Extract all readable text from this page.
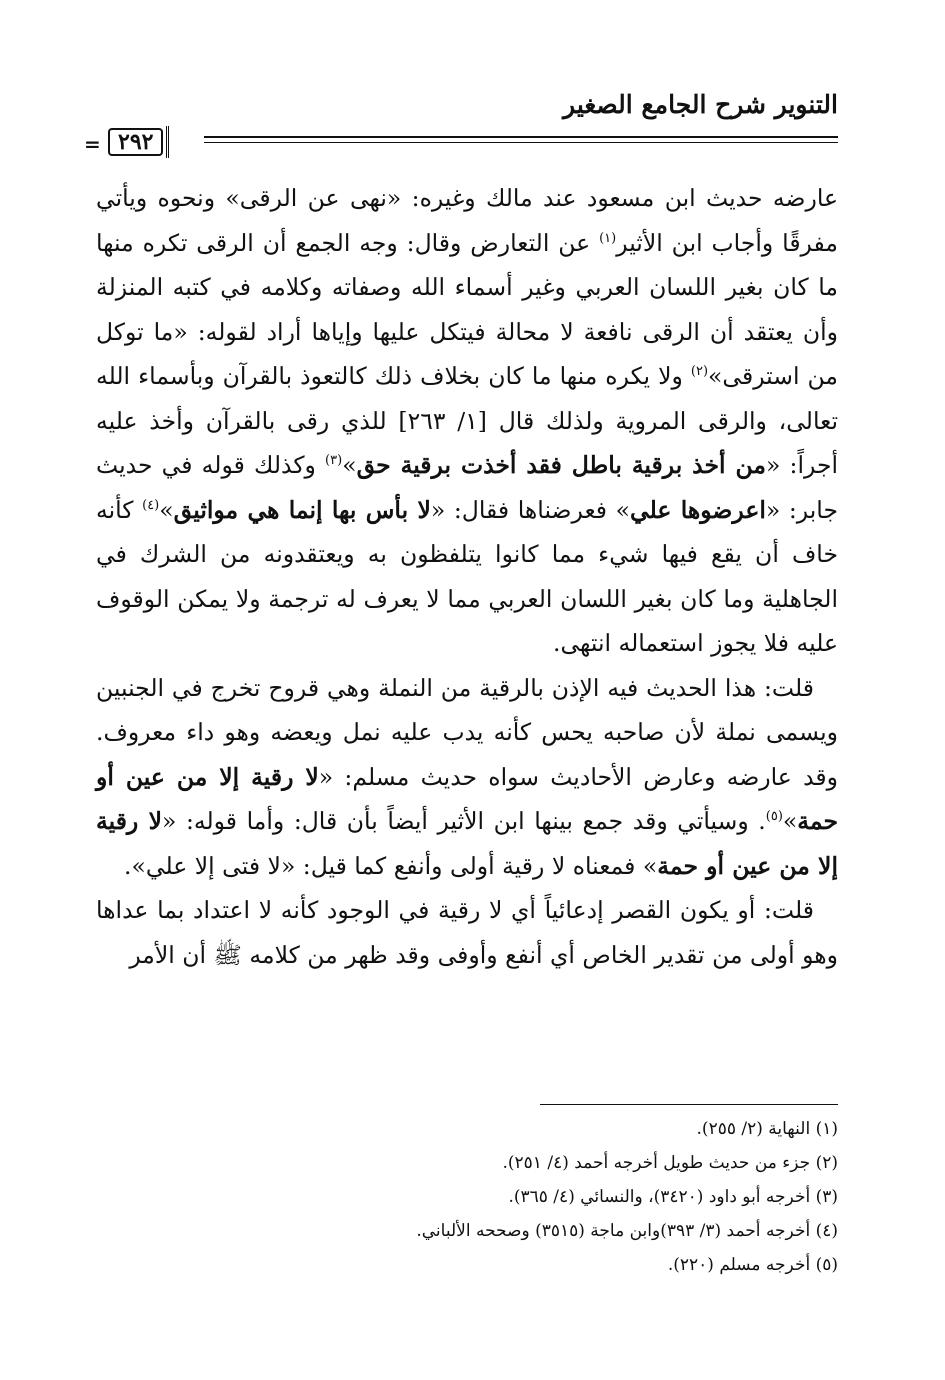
التنوير شرح الجامع الصغير
٢٩٢
=

عارضه حديث ابن مسعود عند مالك وغيره: «نهى عن الرقى» ونحوه ويأتي مفرقًا وأجاب ابن الأثير$^{(١)}$ عن التعارض وقال: وجه الجمع أن الرقى تكره منها ما كان بغير اللسان العربي وغير أسماء الله وصفاته وكلامه في كتبه المنزلة وأن يعتقد أن الرقى نافعة لا محالة فيتكل عليها وإياها أراد لقوله: «ما توكل من استرقى»$^{(٢)}$ ولا يكره منها ما كان بخلاف ذلك كالتعوذ بالقرآن وبأسماء الله تعالى، والرقى المروية ولذلك قال [١/ ٢٦٣] للذي رقى بالقرآن وأخذ عليه أجراً: «من أخذ برقية باطل فقد أخذت برقية حق»$^{(٣)}$ وكذلك قوله في حديث جابر: «اعرضوها علي» فعرضناها فقال: «لا بأس بها إنما هي مواثيق»$^{(٤)}$ كأنه خاف أن يقع فيها شيء مما كانوا يتلفظون به ويعتقدونه من الشرك في الجاهلية وما كان بغير اللسان العربي مما لا يعرف له ترجمة ولا يمكن الوقوف عليه فلا يجوز استعماله انتهى.

قلت: هذا الحديث فيه الإذن بالرقية من النملة وهي قروح تخرج في الجنبين ويسمى نملة لأن صاحبه يحس كأنه يدب عليه نمل ويعضه وهو داء معروف. وقد عارضه وعارض الأحاديث سواه حديث مسلم: «لا رقية إلا من عين أو حمة»$^{(٥)}$. وسيأتي وقد جمع بينها ابن الأثير أيضاً بأن قال: وأما قوله: «لا رقية إلا من عين أو حمة» فمعناه لا رقية أولى وأنفع كما قيل: «لا فتى إلا علي».

قلت: أو يكون القصر إدعائياً أي لا رقية في الوجود كأنه لا اعتداد بما عداها وهو أولى من تقدير الخاص أي أنفع وأوفى وقد ظهر من كلامه ﷺ أن الأمر

(١) النهاية (٢/ ٢٥٥).
(٢) جزء من حديث طويل أخرجه أحمد (٤/ ٢٥١).
(٣) أخرجه أبو داود (٣٤٢٠)، والنسائي (٤/ ٣٦٥).
(٤) أخرجه أحمد (٣/ ٣٩٣)وابن ماجة (٣٥١٥) وصححه الألباني.
(٥) أخرجه مسلم (٢٢٠).
